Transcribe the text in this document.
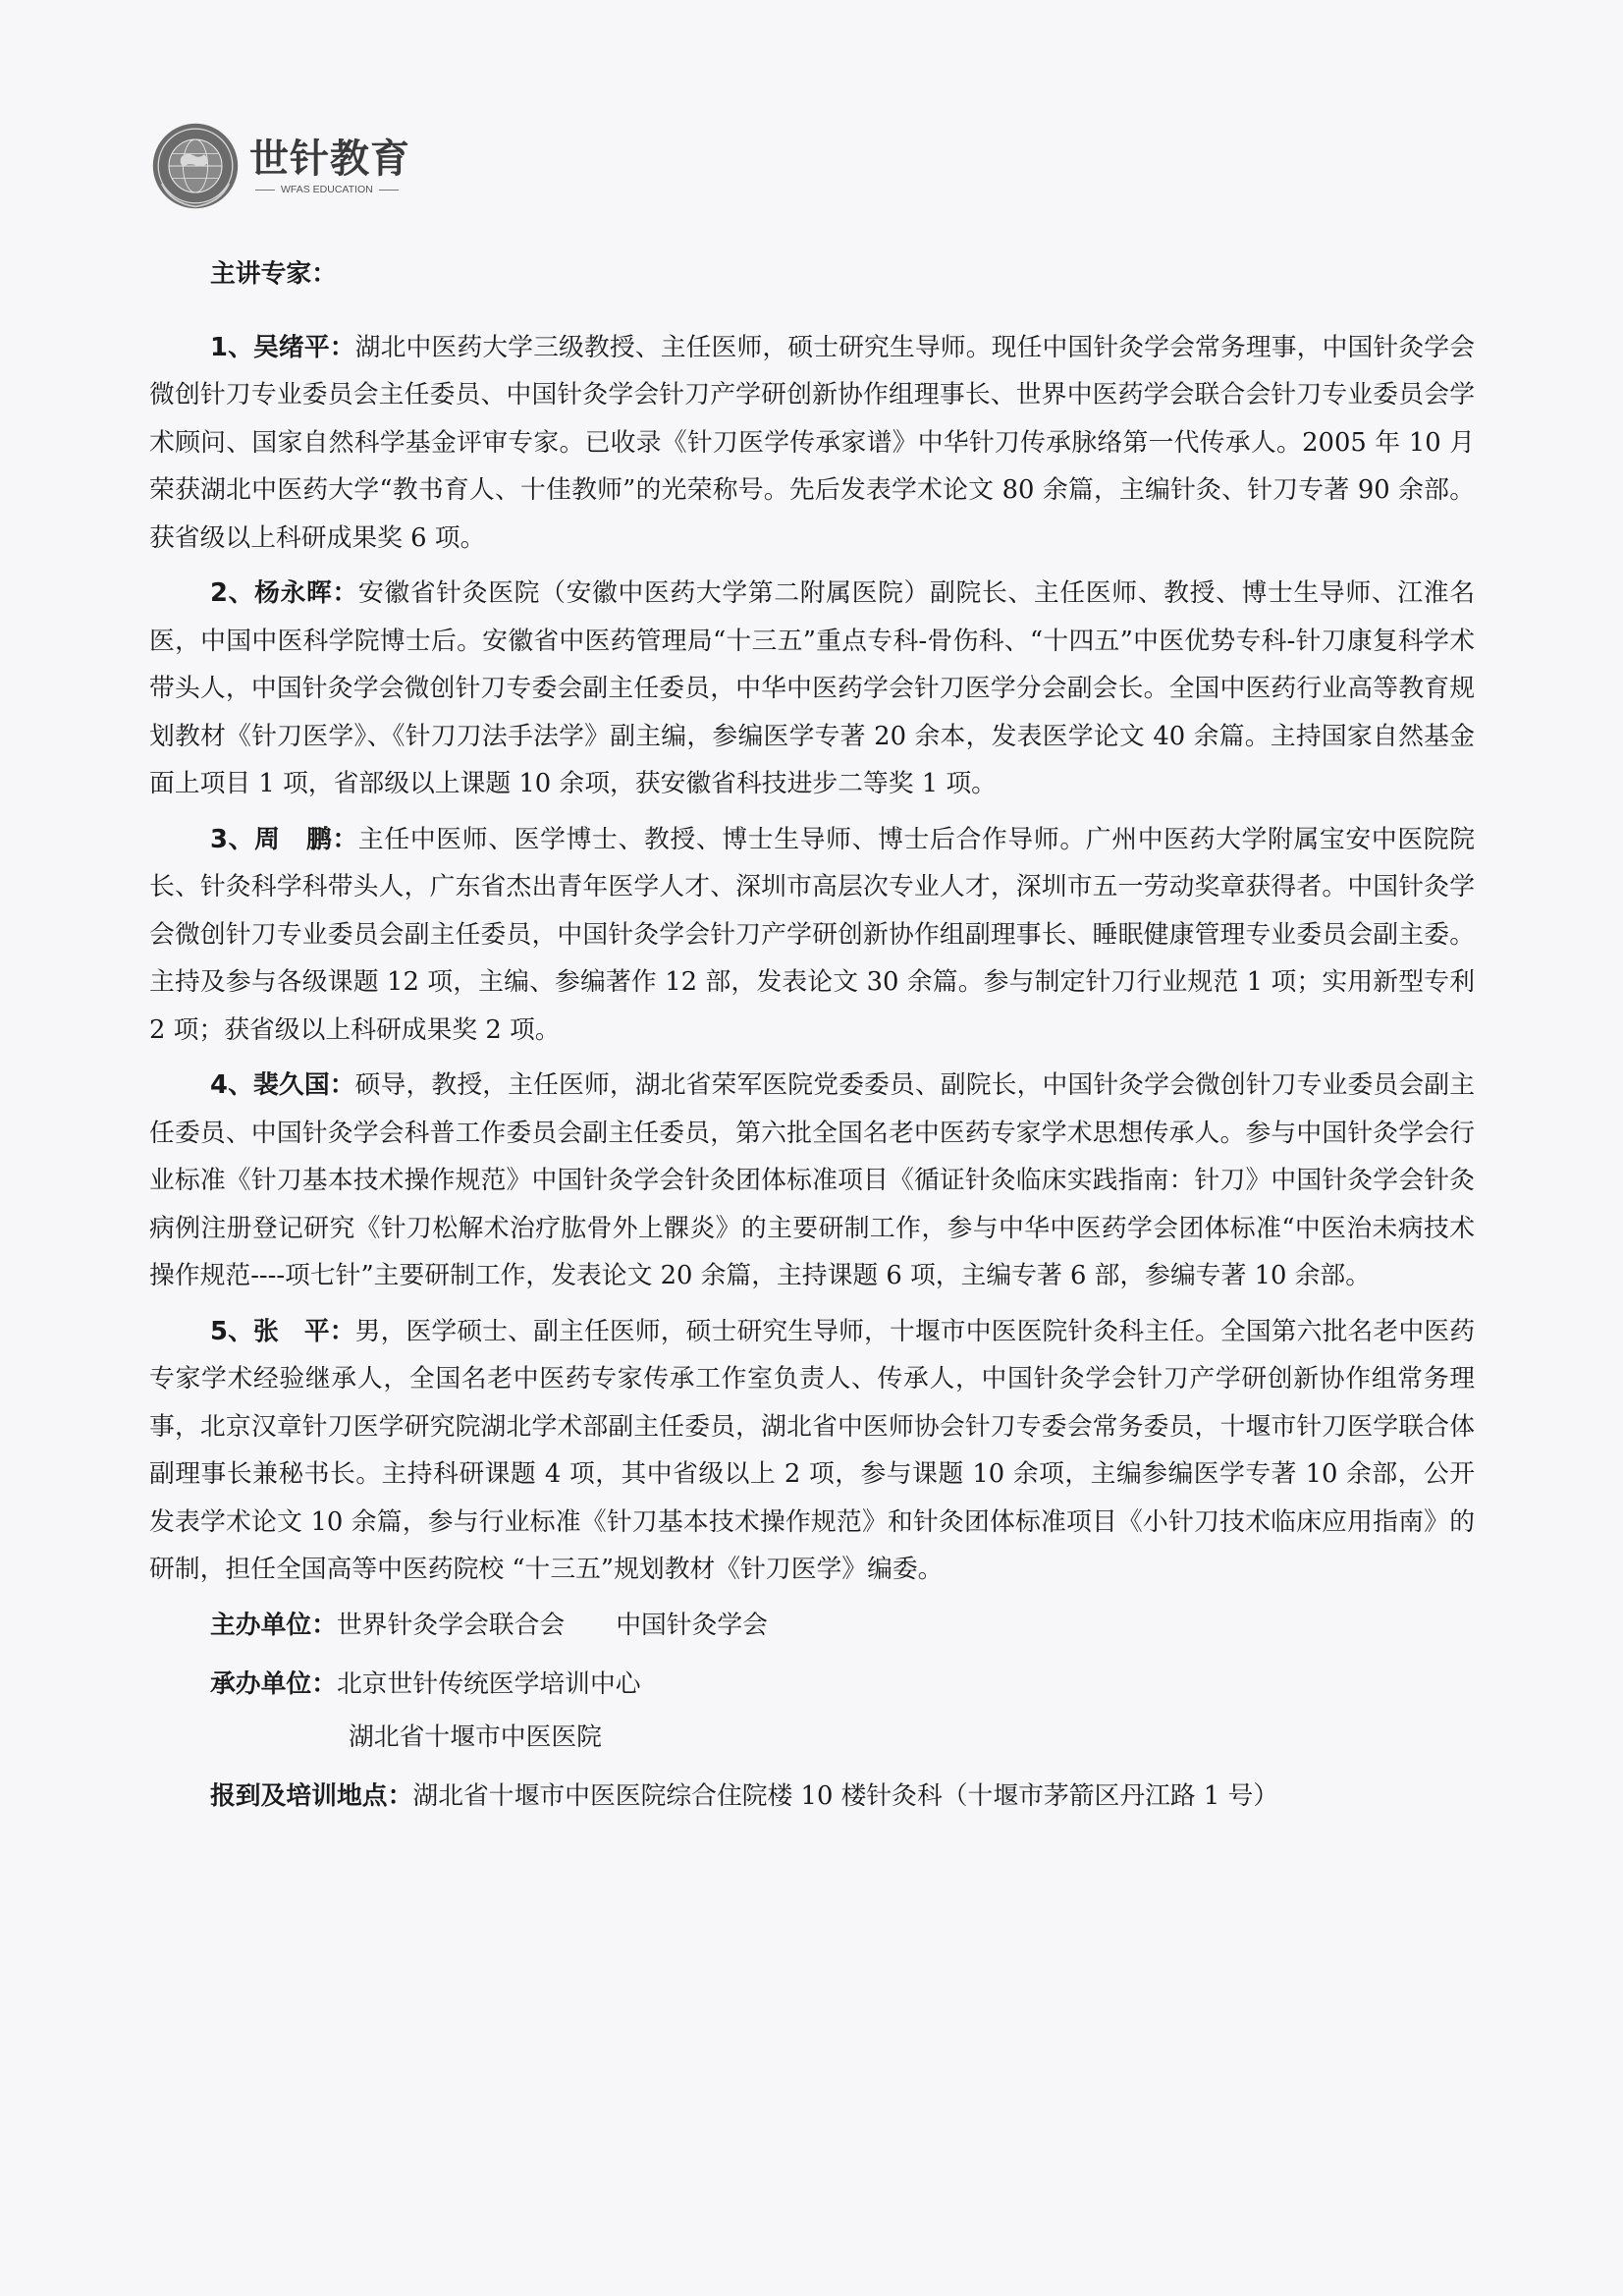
世针教育
WFAS EDUCATION
主讲专家：

1、吴绪平：湖北中医药大学三级教授、主任医师，硕士研究生导师。现任中国针灸学会常务理事，中国针灸学会微创针刀专业委员会主任委员、中国针灸学会针刀产学研创新协作组理事长、世界中医药学会联合会针刀专业委员会学术顾问、国家自然科学基金评审专家。已收录《针刀医学传承家谱》中华针刀传承脉络第一代传承人。2005 年 10 月荣获湖北中医药大学“教书育人、十佳教师”的光荣称号。先后发表学术论文 80 余篇，主编针灸、针刀专著 90 余部。获省级以上科研成果奖 6 项。

2、杨永晖：安徽省针灸医院（安徽中医药大学第二附属医院）副院长、主任医师、教授、博士生导师、江淮名医，中国中医科学院博士后。安徽省中医药管理局“十三五”重点专科-骨伤科、“十四五”中医优势专科-针刀康复科学术带头人，中国针灸学会微创针刀专委会副主任委员，中华中医药学会针刀医学分会副会长。全国中医药行业高等教育规划教材《针刀医学》、《针刀刀法手法学》副主编，参编医学专著 20 余本，发表医学论文 40 余篇。主持国家自然基金面上项目 1 项，省部级以上课题 10 余项，获安徽省科技进步二等奖 1 项。

3、周　鹏：主任中医师、医学博士、教授、博士生导师、博士后合作导师。广州中医药大学附属宝安中医院院长、针灸科学科带头人，广东省杰出青年医学人才、深圳市高层次专业人才，深圳市五一劳动奖章获得者。中国针灸学会微创针刀专业委员会副主任委员，中国针灸学会针刀产学研创新协作组副理事长、睡眠健康管理专业委员会副主委。主持及参与各级课题 12 项，主编、参编著作 12 部，发表论文 30 余篇。参与制定针刀行业规范 1 项；实用新型专利 2 项；获省级以上科研成果奖 2 项。

4、裴久国：硕导，教授，主任医师，湖北省荣军医院党委委员、副院长，中国针灸学会微创针刀专业委员会副主任委员、中国针灸学会科普工作委员会副主任委员，第六批全国名老中医药专家学术思想传承人。参与中国针灸学会行业标准《针刀基本技术操作规范》中国针灸学会针灸团体标准项目《循证针灸临床实践指南：针刀》中国针灸学会针灸病例注册登记研究《针刀松解术治疗肱骨外上髁炎》的主要研制工作，参与中华中医药学会团体标准“中医治未病技术操作规范----项七针”主要研制工作，发表论文 20 余篇，主持课题 6 项，主编专著 6 部，参编专著 10 余部。

5、张　平：男，医学硕士、副主任医师，硕士研究生导师，十堰市中医医院针灸科主任。全国第六批名老中医药专家学术经验继承人，全国名老中医药专家传承工作室负责人、传承人，中国针灸学会针刀产学研创新协作组常务理事，北京汉章针刀医学研究院湖北学术部副主任委员，湖北省中医师协会针刀专委会常务委员，十堰市针刀医学联合体副理事长兼秘书长。主持科研课题 4 项，其中省级以上 2 项，参与课题 10 余项，主编参编医学专著 10 余部，公开发表学术论文 10 余篇，参与行业标准《针刀基本技术操作规范》和针灸团体标准项目《小针刀技术临床应用指南》的研制，担任全国高等中医药院校 “十三五”规划教材《针刀医学》编委。

主办单位：世界针灸学会联合会 中国针灸学会
承办单位：北京世针传统医学培训中心
湖北省十堰市中医医院
报到及培训地点：湖北省十堰市中医医院综合住院楼 10 楼针灸科（十堰市茅箭区丹江路 1 号）
